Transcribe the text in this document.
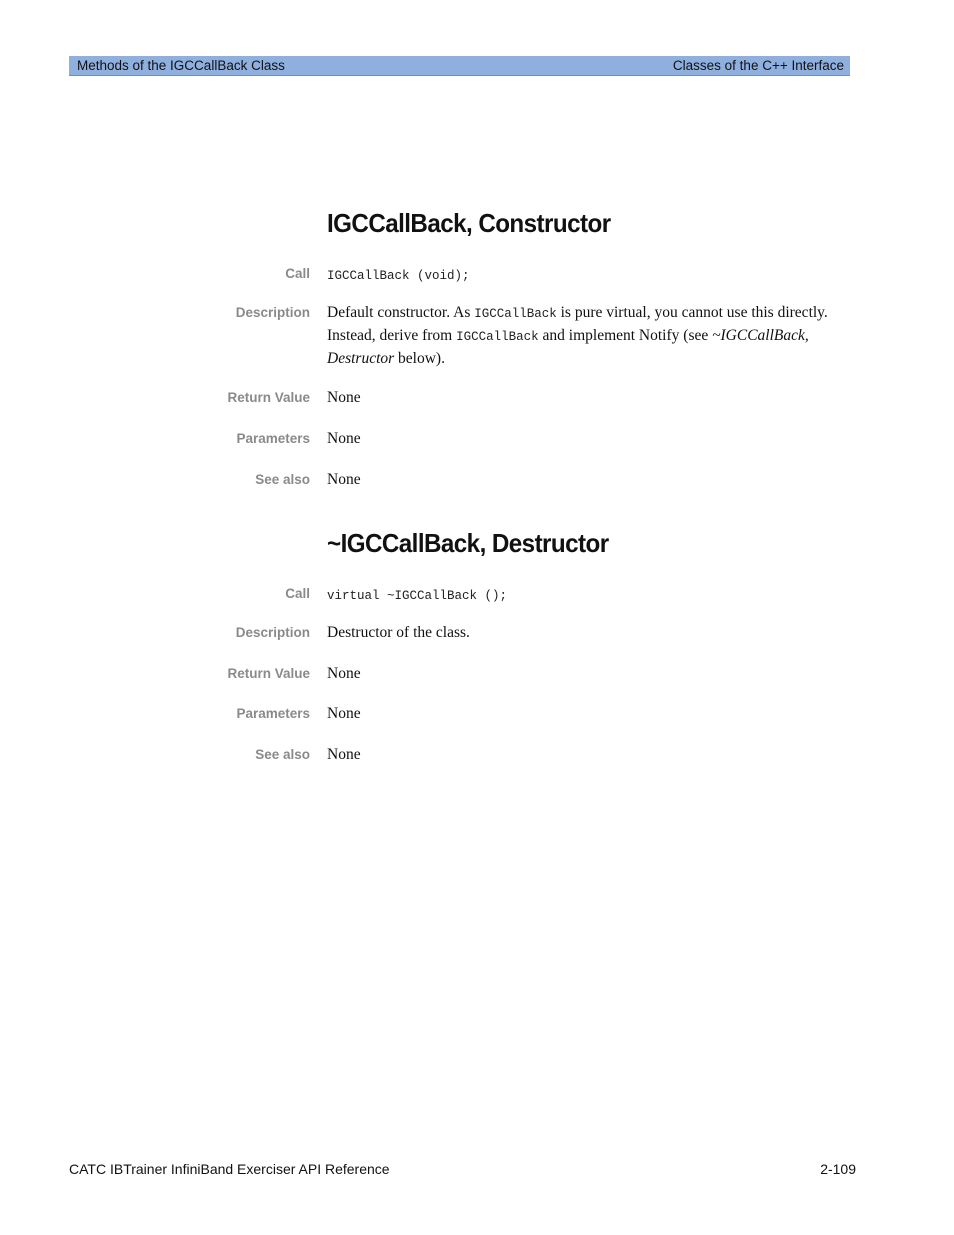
Methods of the IGCCallBack Class	Classes of the C++ Interface
IGCCallBack, Constructor
Call IGCCallBack (void);
Description Default constructor. As IGCCallBack is pure virtual, you cannot use this directly. Instead, derive from IGCCallBack and implement Notify (see ~IGCCallBack, Destructor below).
Return Value None
Parameters None
See also None
~IGCCallBack, Destructor
Call virtual ~IGCCallBack ();
Description Destructor of the class.
Return Value None
Parameters None
See also None
CATC IBTrainer InfiniBand Exerciser API Reference	2-109
